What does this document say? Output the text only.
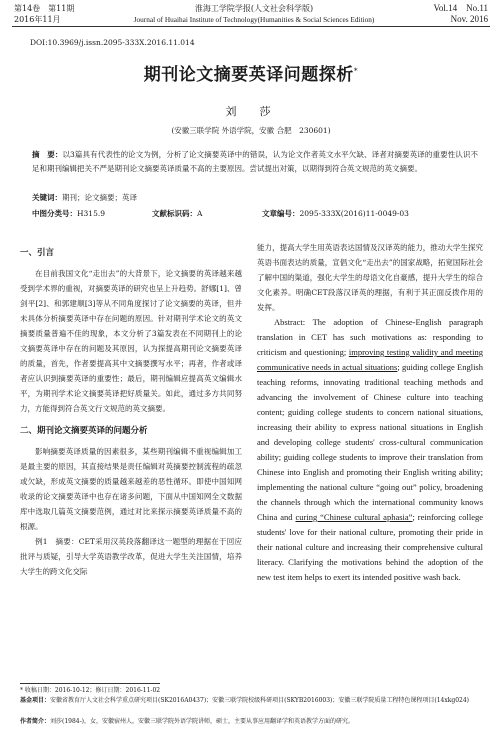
第14卷　第11期
2016年11月
淮海工学院学报(人文社会科学版)
Journal of Huaihai Institute of Technology(Humanities & Social Sciences Edition)
Vol.14　No.11
Nov. 2016
DOI:10.3969/j.issn.2095-333X.2016.11.014
期刊论文摘要英译问题探析*
刘　莎
(安徽三联学院 外语学院，安徽 合肥　230601)
摘　要：以3篇具有代表性的论文为例，分析了论文摘要英译中的错误，认为论文作者英文水平欠缺、译者对摘要英译的重要性认识不足和期刊编辑把关不严是期刊论文摘要英译质量不高的主要原因。尝试提出对策，以期得到符合英文规范的英文摘要。
关键词：期刊；论文摘要；英译
中图分类号：H315.9	文献标识码：A	文章编号：2095-333X(2016)11-0049-03
一、引言

在目前我国文化“走出去”的大背景下，论文摘要的英译越来越受到学术界的重视，对摘要英译的研究也呈上升趋势。舒娜[1]、曾剑平[2]、和郭建顺[3]等从不同角度探讨了论文摘要的英译，但并未具体分析摘要英译中存在问题的原因。针对期刊学术论文的英文摘要质量普遍不佳的现象，本文分析了3篇发表在不同期刊上的论文摘要英译中存在的问题及其原因，认为探提高期刊论文摘要英译的质量，首先，作者要提高其中文摘要撰写水平；再者，作者或译者应认识到摘要英译的重要性；最后，期刊编辑应提高英文编辑水平，为期刊学术论文摘要英译把好质量关。如此，通过多方共同努力，方能得到符合英文行文规范的英文摘要。

二、期刊论文摘要英译的问题分析

影响摘要英译质量的因素很多，某些期刊编辑不重视编辑加工是最主要的原因，其直接结果是责任编辑对英摘要控制流程的疏忽或欠缺，形成英文摘要的质量越来越差的恶性循环。即使中国知网收录的论文摘要英译中也存在诸多问题，下面从中国知网全文数据库中选取几篇英文摘要范例，通过对比来探示摘要英译质量不高的根源。

例1　摘要：CET采用汉英段落翻译这一题型的理据在于回应批评与质疑，引导大学英语教学改革，促进大学生关注国情，培养大学生的跨文化交际

能力，提高大学生用英语表达国情及汉译英的能力，推动大学生探究英语书面表达的质量，宣倡文化“走出去”的国家战略，拓宽国际社会了解中国的渠道，强化大学生的母语文化自豪感，提升大学生的综合文化素养。明确CET段落汉译英的理据，有利于其正面反拨作用的发挥。

Abstract: The adoption of Chinese-English paragraph translation in CET has such motivations as: responding to criticism and questioning; improving testing validity and meeting communicative needs in actual situations; guiding college English teaching reforms, innovating traditional teaching methods and advancing the involvement of Chinese culture into teaching content; guiding college students to concern national situations, increasing their ability to express national situations in English and developing college students' cross-cultural communication ability; guiding college students to improve their translation from Chinese into English and promoting their English writing ability; implementing the national culture “going out” policy, broadening the channels through which the international community knows China and curing “Chinese cultural aphasia”; reinforcing college students' love for their national culture, promoting their pride in their national culture and increasing their comprehensive cultural literacy. Clarifying the motivations behind the adoption of the new test item helps to exert its intended positive wash back.

* 收稿日期：2016-10-12；修订日期：2016-11-02
基金项目：安徽省教育厅人文社会科学重点研究项目(SK2016A0437)；安徽三联学院校级科研项目(SKYB2016003)；安徽三联学院质量工程特色课程项目(14xkg024)
作者简介：刘莎(1984-)，女，安徽宿州人，安徽三联学院外语学院讲师，硕士，主要从事应用翻译学和英语教学方面的研究。
